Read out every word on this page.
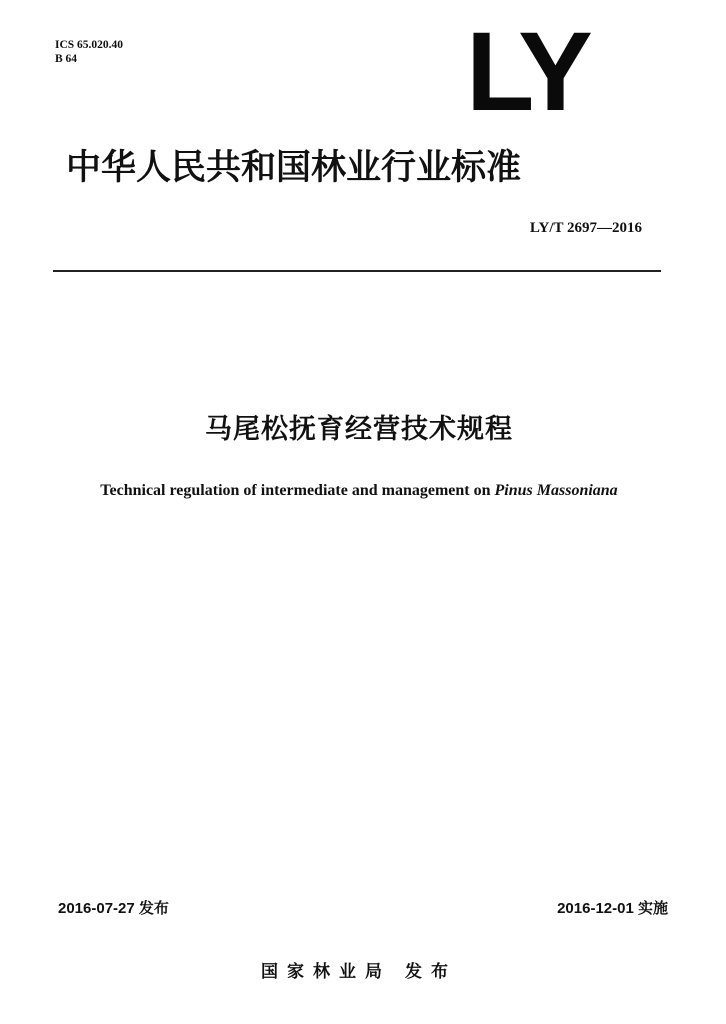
ICS 65.020.40
B 64	LY
中华人民共和国林业行业标准
LY/T 2697—2016
马尾松抚育经营技术规程
Technical regulation of intermediate and management on Pinus Massoniana
2016-07-27 发布	2016-12-01 实施
国家林业局 发布
